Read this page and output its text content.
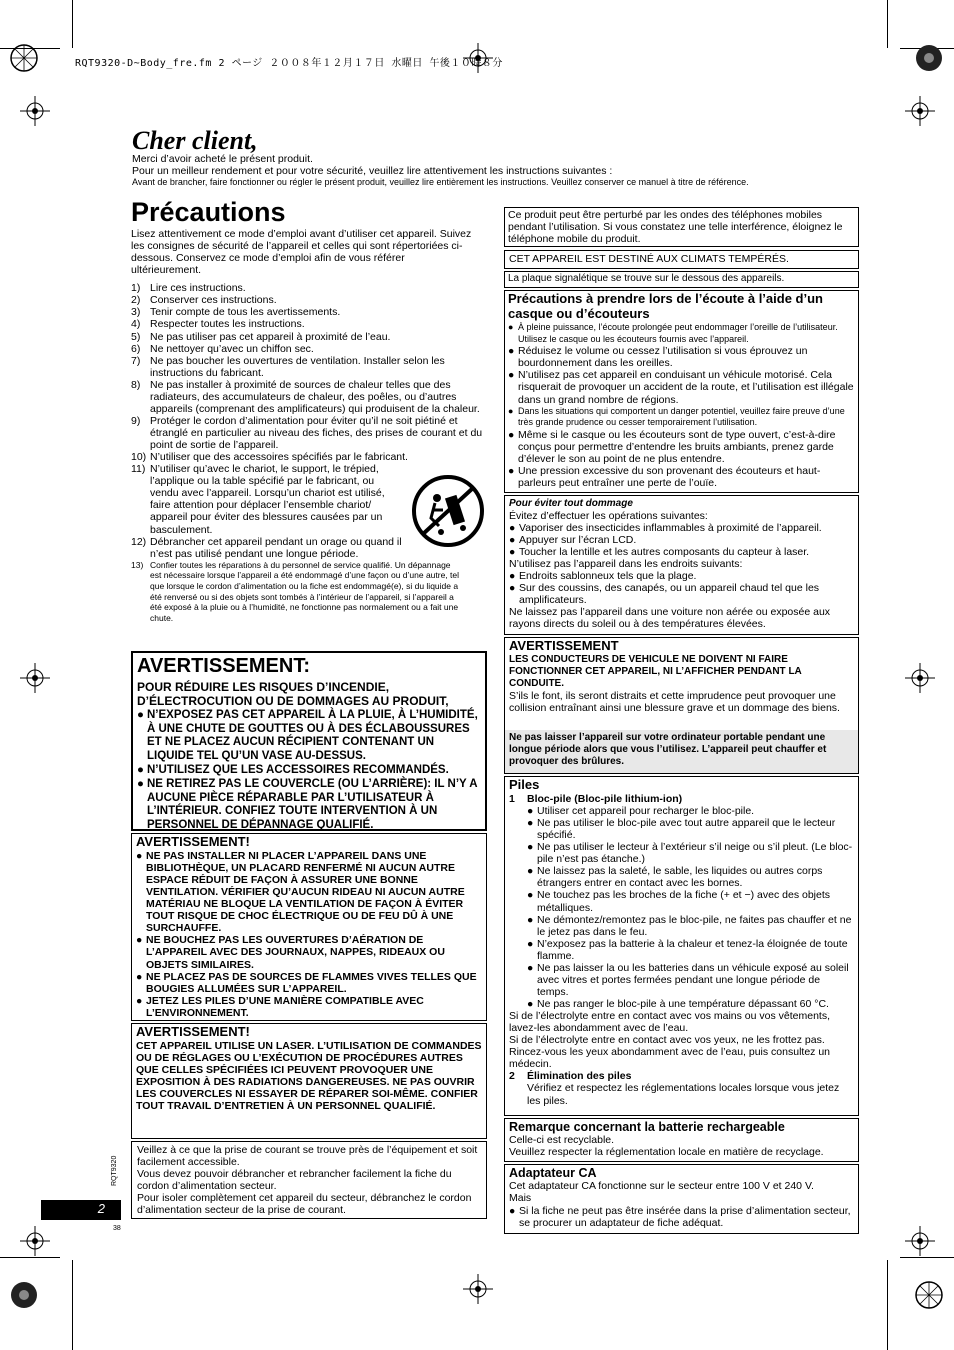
RQT9320-D~Body_fre.fm 2 ページ ２００８年１２月１７日 水曜日 午後１０時８分
Cher client,
Merci d’avoir acheté le présent produit.
Pour un meilleur rendement et pour votre sécurité, veuillez lire attentivement les instructions suivantes :
Avant de brancher, faire fonctionner ou régler le présent produit, veuillez lire entièrement les instructions. Veuillez conserver ce manuel à titre de référence.
Précautions

Lisez attentivement ce mode d’emploi avant d’utiliser cet appareil. Suivez les consignes de sécurité de l’appareil et celles qui sont répertoriées ci-dessous. Conservez ce mode d’emploi afin de vous référer ultérieurement.

1) Lire ces instructions.
2) Conserver ces instructions.
3) Tenir compte de tous les avertissements.
4) Respecter toutes les instructions.
5) Ne pas utiliser pas cet appareil à proximité de l’eau.
6) Ne nettoyer qu’avec un chiffon sec.
7) Ne pas boucher les ouvertures de ventilation. Installer selon les instructions du fabricant.
8) Ne pas installer à proximité de sources de chaleur telles que des radiateurs, des accumulateurs de chaleur, des poêles, ou d’autres appareils (comprenant des amplificateurs) qui produisent de la chaleur.
9) Protéger le cordon d’alimentation pour éviter qu’il ne soit piétiné et étranglé en particulier au niveau des fiches, des prises de courant et du point de sortie de l’appareil.
10) N’utiliser que des accessoires spécifiés par le fabricant.
11) N’utiliser qu’avec le chariot, le support, le trépied, l’applique ou la table spécifié par le fabricant, ou vendu avec l’appareil. Lorsqu’un chariot est utilisé, faire attention pour déplacer l’ensemble chariot/ appareil pour éviter des blessures causées par un basculement.
12) Débrancher cet appareil pendant un orage ou quand il n’est pas utilisé pendant une longue période.
13) Confier toutes les réparations à du personnel de service qualifié. Un dépannage est nécessaire lorsque l’appareil a été endommagé d’une façon ou d’une autre, tel que lorsque le cordon d’alimentation ou la fiche est endommagé(e), si du liquide a été renversé ou si des objets sont tombés à l’intérieur de l’appareil, si l’appareil a été exposé à la pluie ou à l’humidité, ne fonctionne pas normalement ou a fait une chute.
AVERTISSEMENT:
POUR RÉDUIRE LES RISQUES D’INCENDIE, D’ÉLECTROCUTION OU DE DOMMAGES AU PRODUIT,
● N’EXPOSEZ PAS CET APPAREIL À LA PLUIE, À L’HUMIDITÉ, À UNE CHUTE DE GOUTTES OU À DES ÉCLABOUSSURES ET NE PLACEZ AUCUN RÉCIPIENT CONTENANT UN LIQUIDE TEL QU’UN VASE AU-DESSUS.
● N’UTILISEZ QUE LES ACCESSOIRES RECOMMANDÉS.
● NE RETIREZ PAS LE COUVERCLE (OU L’ARRIÈRE): IL N’Y A AUCUNE PIÈCE RÉPARABLE PAR L’UTILISATEUR À L’INTÉRIEUR. CONFIEZ TOUTE INTERVENTION À UN PERSONNEL DE DÉPANNAGE QUALIFIÉ.
AVERTISSEMENT!
● NE PAS INSTALLER NI PLACER L’APPAREIL DANS UNE BIBLIOTHÈQUE, UN PLACARD RENFERMÉ NI AUCUN AUTRE ESPACE RÉDUIT DE FAÇON À ASSURER UNE BONNE VENTILATION. VÉRIFIER QU’AUCUN RIDEAU NI AUCUN AUTRE MATÉRIAU NE BLOQUE LA VENTILATION DE FAÇON À ÉVITER TOUT RISQUE DE CHOC ÉLECTRIQUE OU DE FEU DÛ À UNE SURCHAUFFE.
● NE BOUCHEZ PAS LES OUVERTURES D’AÉRATION DE L’APPAREIL AVEC DES JOURNAUX, NAPPES, RIDEAUX OU OBJETS SIMILAIRES.
● NE PLACEZ PAS DE SOURCES DE FLAMMES VIVES TELLES QUE BOUGIES ALLUMÉES SUR L’APPAREIL.
● JETEZ LES PILES D’UNE MANIÈRE COMPATIBLE AVEC L’ENVIRONNEMENT.
AVERTISSEMENT!
CET APPAREIL UTILISE UN LASER. L’UTILISATION DE COMMANDES OU DE RÉGLAGES OU L’EXÉCUTION DE PROCÉDURES AUTRES QUE CELLES SPÉCIFIÉES ICI PEUVENT PROVOQUER UNE EXPOSITION À DES RADIATIONS DANGEREUSES. NE PAS OUVRIR LES COUVERCLES NI ESSAYER DE RÉPARER SOI-MÊME. CONFIER TOUT TRAVAIL D’ENTRETIEN À UN PERSONNEL QUALIFIÉ.
Veillez à ce que la prise de courant se trouve près de l’équipement et soit facilement accessible.
Vous devez pouvoir débrancher et rebrancher facilement la fiche du cordon d’alimentation secteur.
Pour isoler complètement cet appareil du secteur, débranchez le cordon d’alimentation secteur de la prise de courant.
RQT9320
2
38
Ce produit peut être perturbé par les ondes des téléphones mobiles pendant l’utilisation. Si vous constatez une telle interférence, éloignez le téléphone mobile du produit.
CET APPAREIL EST DESTINÉ AUX CLIMATS TEMPÉRÉS.
La plaque signalétique se trouve sur le dessous des appareils.
Précautions à prendre lors de l’écoute à l’aide d’un casque ou d’écouteurs
● À pleine puissance, l’écoute prolongée peut endommager l’oreille de l’utilisateur. Utilisez le casque ou les écouteurs fournis avec l’appareil.
● Réduisez le volume ou cessez l’utilisation si vous éprouvez un bourdonnement dans les oreilles.
● N’utilisez pas cet appareil en conduisant un véhicule motorisé. Cela risquerait de provoquer un accident de la route, et l’utilisation est illégale dans un grand nombre de régions.
● Dans les situations qui comportent un danger potentiel, veuillez faire preuve d’une très grande prudence ou cesser temporairement l’utilisation.
● Même si le casque ou les écouteurs sont de type ouvert, c’est-à-dire conçus pour permettre d’entendre les bruits ambiants, prenez garde d’élever le son au point de ne plus entendre.
● Une pression excessive du son provenant des écouteurs et haut-parleurs peut entraîner une perte de l’ouïe.
Pour éviter tout dommage
Évitez d’effectuer les opérations suivantes:
● Vaporiser des insecticides inflammables à proximité de l’appareil.
● Appuyer sur l’écran LCD.
● Toucher la lentille et les autres composants du capteur à laser.
N’utilisez pas l’appareil dans les endroits suivants:
● Endroits sablonneux tels que la plage.
● Sur des coussins, des canapés, ou un appareil chaud tel que les amplificateurs.
Ne laissez pas l’appareil dans une voiture non aérée ou exposée aux rayons directs du soleil ou à des températures élevées.
AVERTISSEMENT
LES CONDUCTEURS DE VEHICULE NE DOIVENT NI FAIRE FONCTIONNER CET APPAREIL, NI L’AFFICHER PENDANT LA CONDUITE.
S’ils le font, ils seront distraits et cette imprudence peut provoquer une collision entraînant ainsi une blessure grave et un dommage des biens.
Ne pas laisser l’appareil sur votre ordinateur portable pendant une longue période alors que vous l’utilisez. L’appareil peut chauffer et provoquer des brûlures.
Piles
1	Bloc-pile (Bloc-pile lithium-ion)
● Utiliser cet appareil pour recharger le bloc-pile.
● Ne pas utiliser le bloc-pile avec tout autre appareil que le lecteur spécifié.
● Ne pas utiliser le lecteur à l’extérieur s’il neige ou s’il pleut. (Le bloc-pile n’est pas étanche.)
● Ne laissez pas la saleté, le sable, les liquides ou autres corps étrangers entrer en contact avec les bornes.
● Ne touchez pas les broches de la fiche (+ et −) avec des objets métalliques.
● Ne démontez/remontez pas le bloc-pile, ne faites pas chauffer et ne le jetez pas dans le feu.
● N’exposez pas la batterie à la chaleur et tenez-la éloignée de toute flamme.
● Ne pas laisser la ou les batteries dans un véhicule exposé au soleil avec vitres et portes fermées pendant une longue période de temps.
● Ne pas ranger le bloc-pile à une température dépassant 60 °C.
Si de l’électrolyte entre en contact avec vos mains ou vos vêtements, lavez-les abondamment avec de l’eau.
Si de l’électrolyte entre en contact avec vos yeux, ne les frottez pas. Rincez-vous les yeux abondamment avec de l’eau, puis consultez un médecin.
2	Élimination des piles
Vérifiez et respectez les réglementations locales lorsque vous jetez les piles.
Remarque concernant la batterie rechargeable
Celle-ci est recyclable.
Veuillez respecter la réglementation locale en matière de recyclage.
Adaptateur CA
Cet adaptateur CA fonctionne sur le secteur entre 100 V et 240 V.
Mais
● Si la fiche ne peut pas être insérée dans la prise d’alimentation secteur, se procurer un adaptateur de fiche adéquat.
